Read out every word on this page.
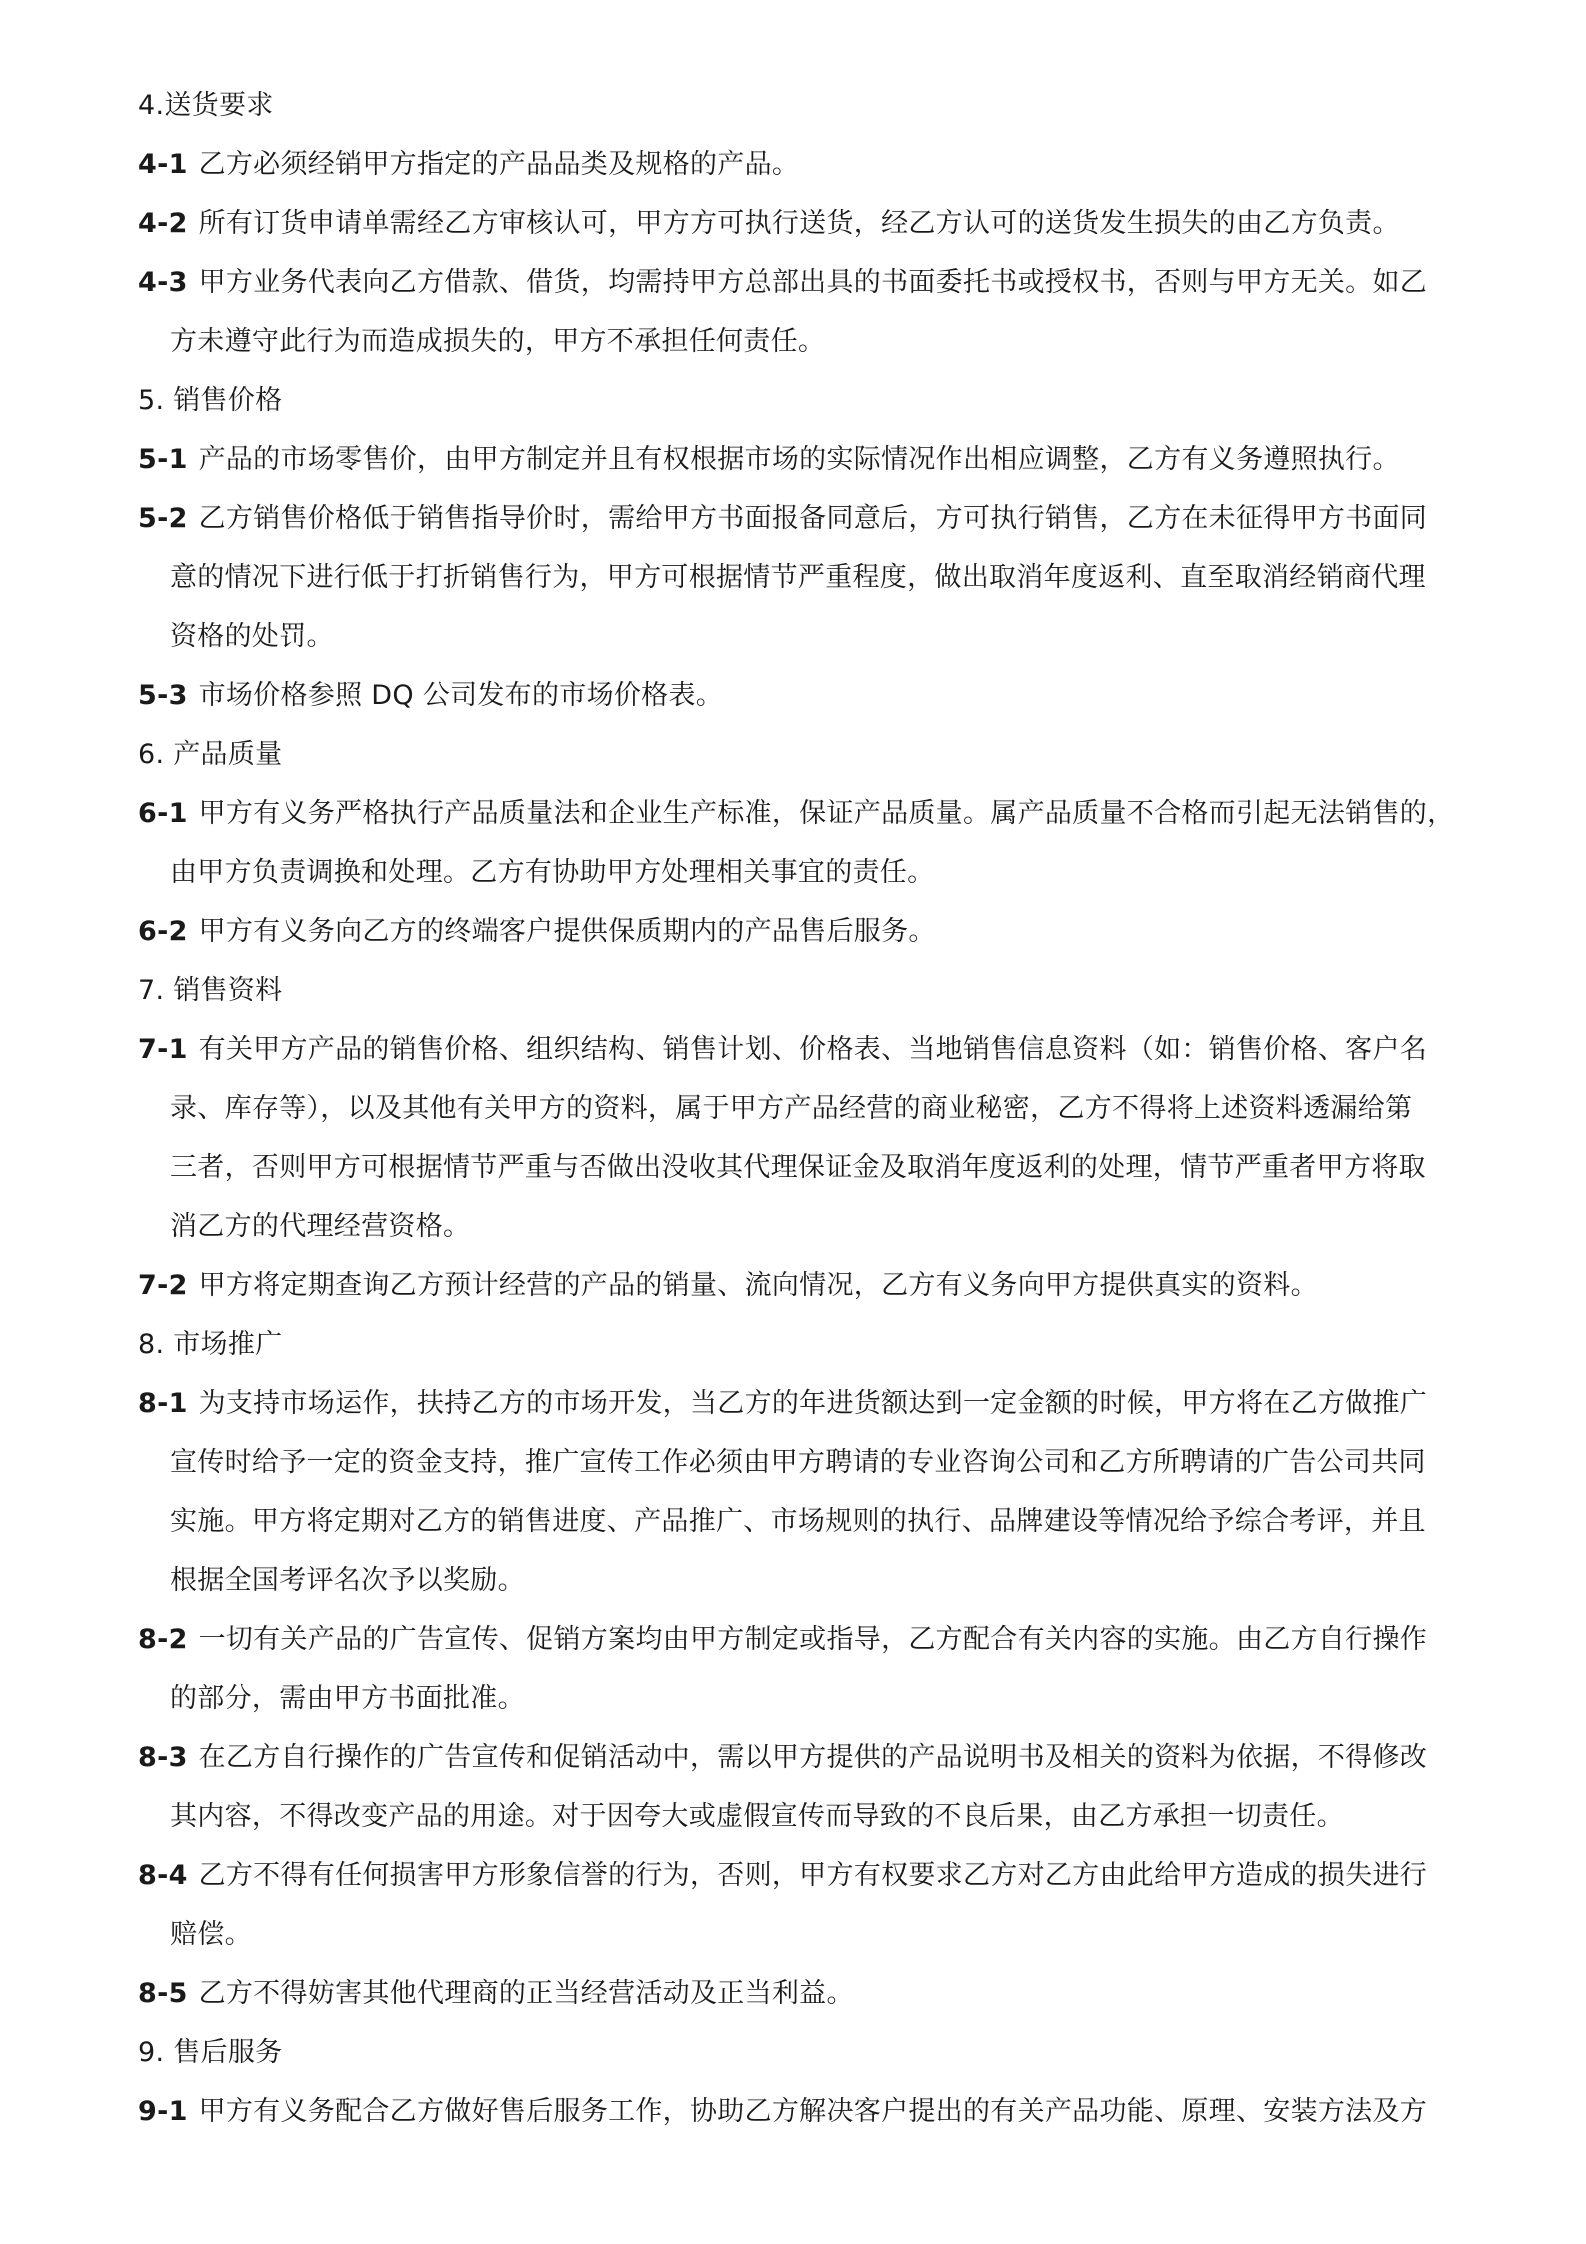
4.送货要求
4-1 乙方必须经销甲方指定的产品品类及规格的产品。
4-2 所有订货申请单需经乙方审核认可，甲方方可执行送货，经乙方认可的送货发生损失的由乙方负责。
4-3 甲方业务代表向乙方借款、借货，均需持甲方总部出具的书面委托书或授权书，否则与甲方无关。如乙
方未遵守此行为而造成损失的，甲方不承担任何责任。
5. 销售价格
5-1 产品的市场零售价，由甲方制定并且有权根据市场的实际情况作出相应调整，乙方有义务遵照执行。
5-2 乙方销售价格低于销售指导价时，需给甲方书面报备同意后，方可执行销售，乙方在未征得甲方书面同
意的情况下进行低于打折销售行为，甲方可根据情节严重程度，做出取消年度返利、直至取消经销商代理
资格的处罚。
5-3 市场价格参照 DQ 公司发布的市场价格表。
6. 产品质量
6-1 甲方有义务严格执行产品质量法和企业生产标准，保证产品质量。属产品质量不合格而引起无法销售的，
由甲方负责调换和处理。乙方有协助甲方处理相关事宜的责任。
6-2 甲方有义务向乙方的终端客户提供保质期内的产品售后服务。
7. 销售资料
7-1 有关甲方产品的销售价格、组织结构、销售计划、价格表、当地销售信息资料（如：销售价格、客户名
录、库存等），以及其他有关甲方的资料，属于甲方产品经营的商业秘密，乙方不得将上述资料透漏给第
三者，否则甲方可根据情节严重与否做出没收其代理保证金及取消年度返利的处理，情节严重者甲方将取
消乙方的代理经营资格。
7-2 甲方将定期查询乙方预计经营的产品的销量、流向情况，乙方有义务向甲方提供真实的资料。
8. 市场推广
8-1 为支持市场运作，扶持乙方的市场开发，当乙方的年进货额达到一定金额的时候，甲方将在乙方做推广
宣传时给予一定的资金支持，推广宣传工作必须由甲方聘请的专业咨询公司和乙方所聘请的广告公司共同
实施。甲方将定期对乙方的销售进度、产品推广、市场规则的执行、品牌建设等情况给予综合考评，并且
根据全国考评名次予以奖励。
8-2 一切有关产品的广告宣传、促销方案均由甲方制定或指导，乙方配合有关内容的实施。由乙方自行操作
的部分，需由甲方书面批准。
8-3 在乙方自行操作的广告宣传和促销活动中，需以甲方提供的产品说明书及相关的资料为依据，不得修改
其内容，不得改变产品的用途。对于因夸大或虚假宣传而导致的不良后果，由乙方承担一切责任。
8-4 乙方不得有任何损害甲方形象信誉的行为，否则，甲方有权要求乙方对乙方由此给甲方造成的损失进行
赔偿。
8-5 乙方不得妨害其他代理商的正当经营活动及正当利益。
9. 售后服务
9-1 甲方有义务配合乙方做好售后服务工作，协助乙方解决客户提出的有关产品功能、原理、安装方法及方
